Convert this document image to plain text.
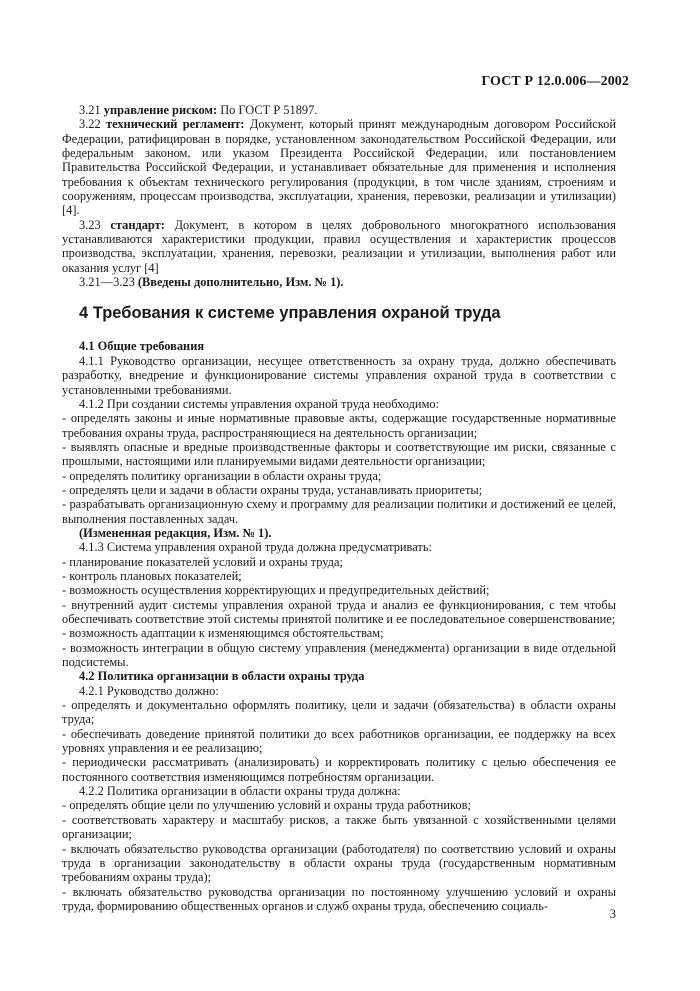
ГОСТ Р 12.0.006—2002

3.21 управление риском: По ГОСТ Р 51897.

3.22 технический регламент: Документ, который принят международным договором Российской Федерации, ратифицирован в порядке, установленном законодательством Российской Федерации, или федеральным законом, или указом Президента Российской Федерации, или постановлением Правительства Российской Федерации, и устанавливает обязательные для применения и исполнения требования к объектам технического регулирования (продукции, в том числе зданиям, строениям и сооружениям, процессам производства, эксплуатации, хранения, перевозки, реализации и утилизации) [4].

3.23 стандарт: Документ, в котором в целях добровольного многократного использования устанавливаются характеристики продукции, правил осуществления и характеристик процессов производства, эксплуатации, хранения, перевозки, реализации и утилизации, выполнения работ или оказания услуг [4]

3.21—3.23 (Введены дополнительно, Изм. № 1).

4 Требования к системе управления охраной труда

4.1 Общие требования

4.1.1 Руководство организации, несущее ответственность за охрану труда, должно обеспечивать разработку, внедрение и функционирование системы управления охраной труда в соответствии с установленными требованиями.

4.1.2 При создании системы управления охраной труда необходимо:

- определять законы и иные нормативные правовые акты, содержащие государственные нормативные требования охраны труда, распространяющиеся на деятельность организации;

- выявлять опасные и вредные производственные факторы и соответствующие им риски, связанные с прошлыми, настоящими или планируемыми видами деятельности организации;

- определять политику организации в области охраны труда;

- определять цели и задачи в области охраны труда, устанавливать приоритеты;

- разрабатывать организационную схему и программу для реализации политики и достижений ее целей, выполнения поставленных задач.

(Измененная редакция, Изм. № 1).

4.1.3 Система управления охраной труда должна предусматривать:

- планирование показателей условий и охраны труда;

- контроль плановых показателей;

- возможность осуществления корректирующих и предупредительных действий;

- внутренний аудит системы управления охраной труда и анализ ее функционирования, с тем чтобы обеспечивать соответствие этой системы принятой политике и ее последовательное совершенствование;

- возможность адаптации к изменяющимся обстоятельствам;

- возможность интеграции в общую систему управления (менеджмента) организации в виде отдельной подсистемы.

4.2 Политика организации в области охраны труда

4.2.1 Руководство должно:

- определять и документально оформлять политику, цели и задачи (обязательства) в области охраны труда;

- обеспечивать доведение принятой политики до всех работников организации, ее поддержку на всех уровнях управления и ее реализацию;

- периодически рассматривать (анализировать) и корректировать политику с целью обеспечения ее постоянного соответствия изменяющимся потребностям организации.

4.2.2 Политика организации в области охраны труда должна:

- определять общие цели по улучшению условий и охраны труда работников;

- соответствовать характеру и масштабу рисков, а также быть увязанной с хозяйственными целями организации;

- включать обязательство руководства организации (работодателя) по соответствию условий и охраны труда в организации законодательству в области охраны труда (государственным нормативным требованиям охраны труда);

- включать обязательство руководства организации по постоянному улучшению условий и охраны труда, формированию общественных органов и служб охраны труда, обеспечению социаль-

3
